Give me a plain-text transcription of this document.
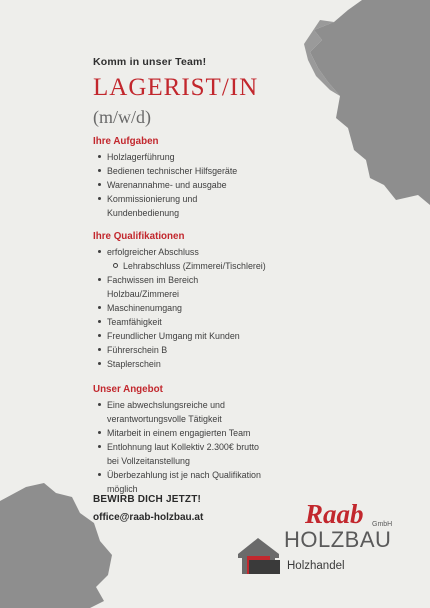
Komm in unser Team!
LAGERIST/IN
(m/w/d)
Ihre Aufgaben
Holzlagerführung
Bedienen technischer Hilfsgeräte
Warenannahme- und ausgabe
Kommissionierung und
Kundenbedienung
Ihre Qualifikationen
erfolgreicher Abschluss
Lehrabschluss (Zimmerei/Tischlerei)
Fachwissen im Bereich
Holzbau/Zimmerei
Maschinenumgang
Teamfähigkeit
Freundlicher Umgang mit Kunden
Führerschein B
Staplerschein
Unser Angebot
Eine abwechslungsreiche und
verantwortungsvolle Tätigkeit
Mitarbeit in einem engagierten Team
Entlohnung laut Kollektiv 2.300€ brutto
bei Vollzeitanstellung
Überbezahlung ist je nach Qualifikation
möglich
BEWIRB DICH JETZT!
office@raab-holzbau.at	Raab GmbH
HOLZBAU
Holzhandel
